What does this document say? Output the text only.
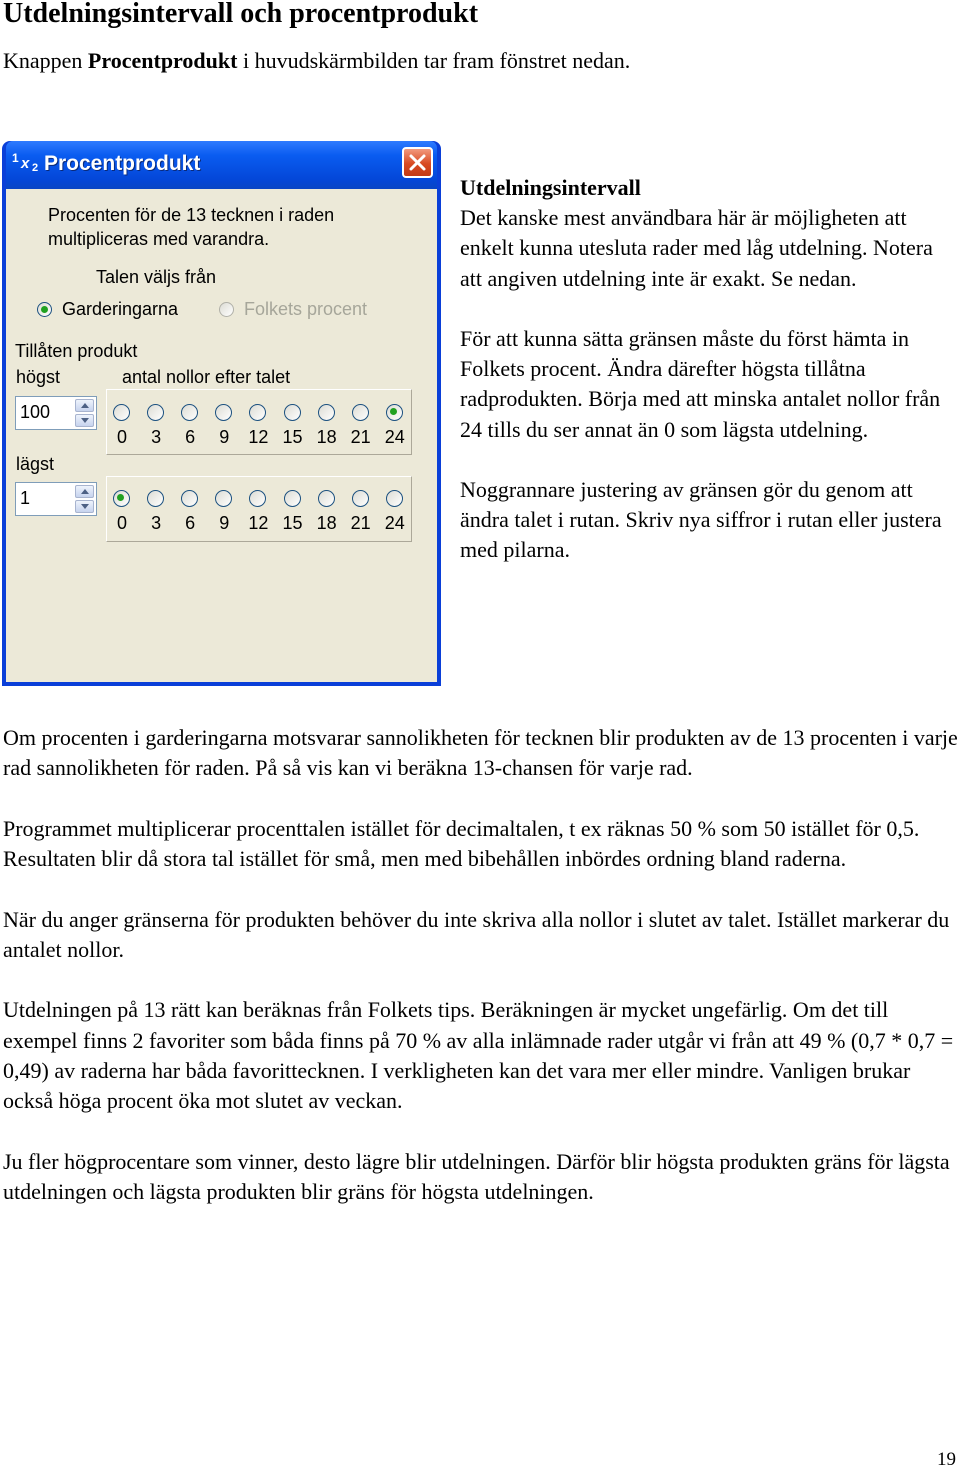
Utdelningsintervall och procentprodukt
Knappen Procentprodukt i huvudskärmbilden tar fram fönstret nedan.
1 x 2 Procentprodukt
Procenten för de 13 tecknen i raden
multipliceras med varandra.
Talen väljs från
Garderingarna	Folkets procent
Tillåten produkt
högst	antal nollor efter talet
100
0	3	6	9	12 15 18 21 24
lägst
1
0	3	6	9	12 15 18 21 24

Utdelningsintervall

Det kanske mest användbara här är möjligheten att enkelt kunna utesluta rader med låg utdelning. Notera att angiven utdelning inte är exakt. Se nedan.

För att kunna sätta gränsen måste du först hämta in Folkets procent. Ändra därefter högsta tillåtna radprodukten. Börja med att minska antalet nollor från 24 tills du ser annat än 0 som lägsta utdelning.

Noggrannare justering av gränsen gör du genom att ändra talet i rutan. Skriv nya siffror i rutan eller justera med pilarna.

Om procenten i garderingarna motsvarar sannolikheten för tecknen blir produkten av de 13 procenten i varje rad sannolikheten för raden. På så vis kan vi beräkna 13-chansen för varje rad.

Programmet multiplicerar procenttalen istället för decimaltalen, t ex räknas 50 % som 50 istället för 0,5. Resultaten blir då stora tal istället för små, men med bibehållen inbördes ordning bland raderna.

När du anger gränserna för produkten behöver du inte skriva alla nollor i slutet av talet. Istället markerar du antalet nollor.

Utdelningen på 13 rätt kan beräknas från Folkets tips. Beräkningen är mycket ungefärlig. Om det till exempel finns 2 favoriter som båda finns på 70 % av alla inlämnade rader utgår vi från att 49 % (0,7 * 0,7 = 0,49) av raderna har båda favorittecknen. I verkligheten kan det vara mer eller mindre. Vanligen brukar också höga procent öka mot slutet av veckan.

Ju fler högprocentare som vinner, desto lägre blir utdelningen. Därför blir högsta produkten gräns för lägsta utdelningen och lägsta produkten blir gräns för högsta utdelningen.

19
